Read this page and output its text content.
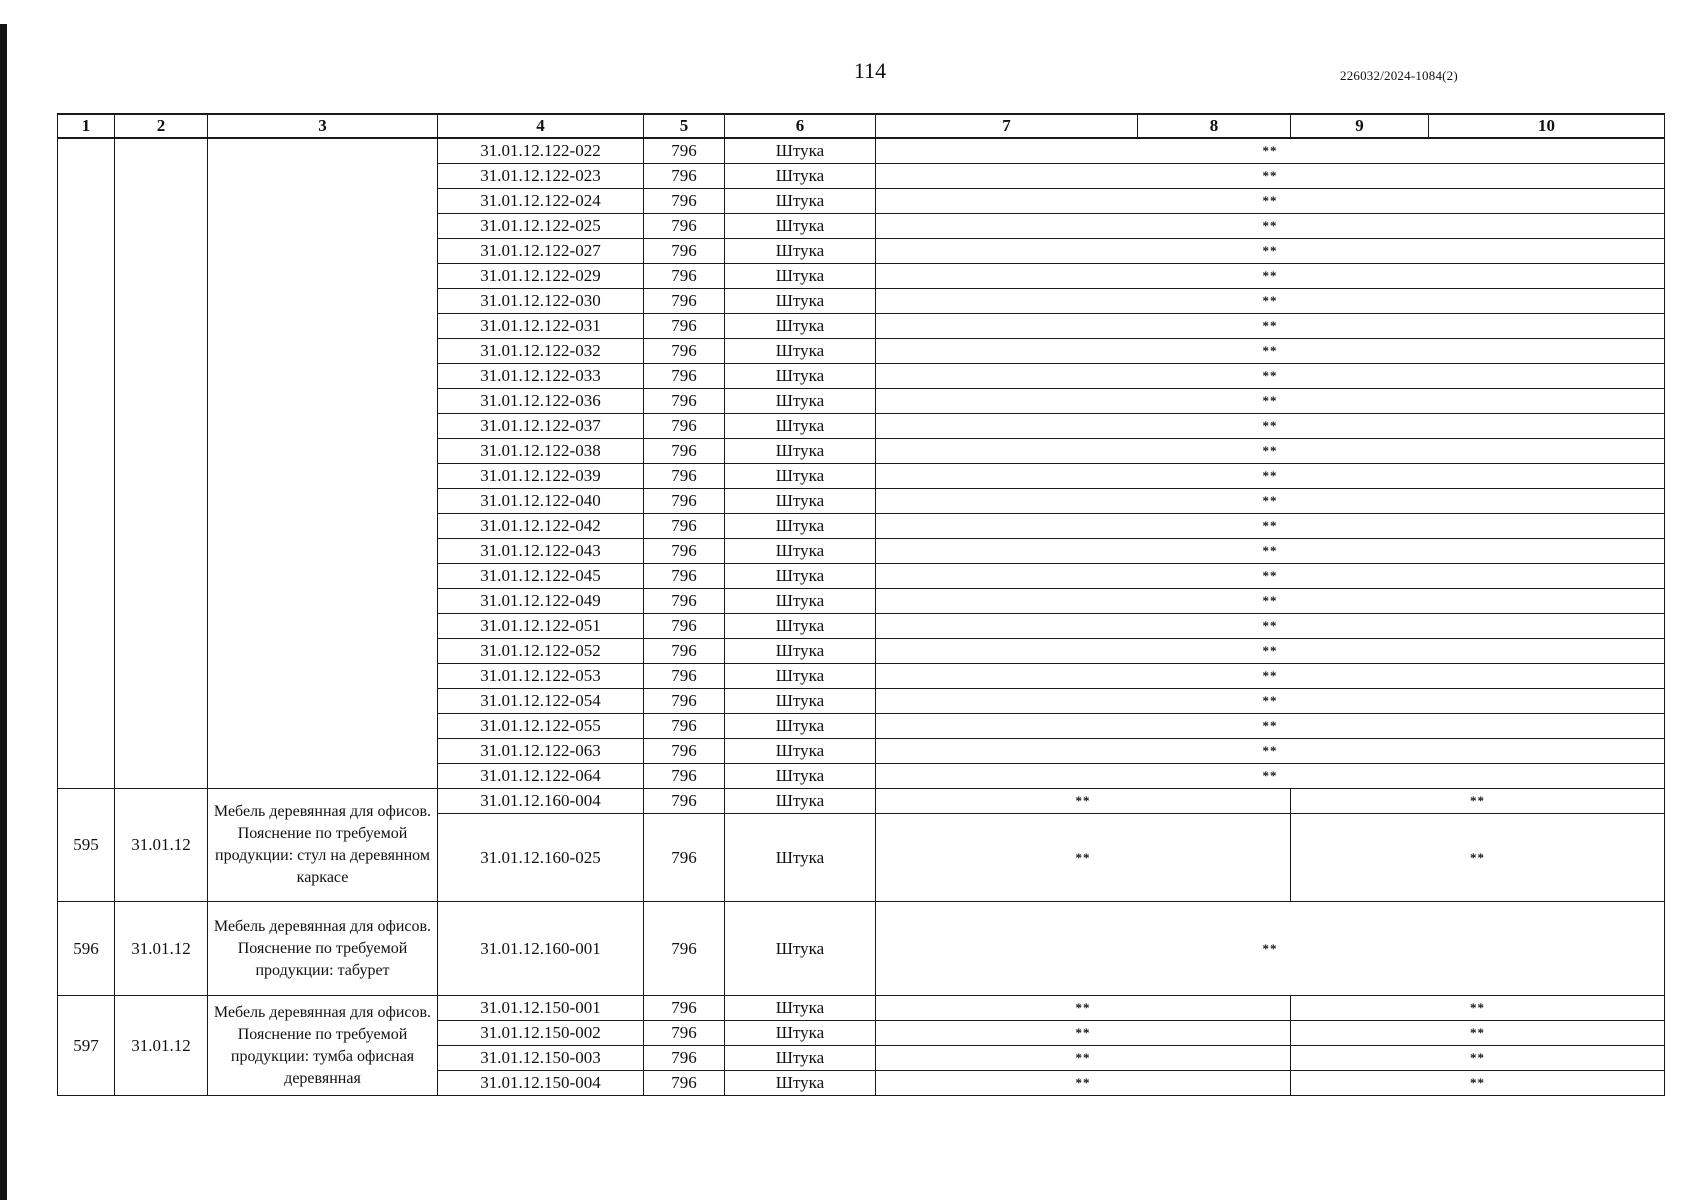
114	226032/2024-1084(2)
1	2	3	4	5	6	7	8	9	10
			31.01.12.122-022	796	Штука	**			
			31.01.12.122-023	796	Штука	**			
			31.01.12.122-024	796	Штука	**			
			31.01.12.122-025	796	Штука	**			
			31.01.12.122-027	796	Штука	**			
			31.01.12.122-029	796	Штука	**			
			31.01.12.122-030	796	Штука	**			
			31.01.12.122-031	796	Штука	**			
			31.01.12.122-032	796	Штука	**			
			31.01.12.122-033	796	Штука	**			
			31.01.12.122-036	796	Штука	**			
			31.01.12.122-037	796	Штука	**			
			31.01.12.122-038	796	Штука	**			
			31.01.12.122-039	796	Штука	**			
			31.01.12.122-040	796	Штука	**			
			31.01.12.122-042	796	Штука	**			
			31.01.12.122-043	796	Штука	**			
			31.01.12.122-045	796	Штука	**			
			31.01.12.122-049	796	Штука	**			
			31.01.12.122-051	796	Штука	**			
			31.01.12.122-052	796	Штука	**			
			31.01.12.122-053	796	Штука	**			
			31.01.12.122-054	796	Штука	**			
			31.01.12.122-055	796	Штука	**			
			31.01.12.122-063	796	Штука	**			
			31.01.12.122-064	796	Штука	**			
595	31.01.12	Мебель деревянная для офисов. Пояснение по требуемой продукции: стул на деревянном каркасе	31.01.12.160-004	796	Штука	**		**	
			31.01.12.160-025	796	Штука	**		**	
596	31.01.12	Мебель деревянная для офисов. Пояснение по требуемой продукции: табурет	31.01.12.160-001	796	Штука	**			
597	31.01.12	Мебель деревянная для офисов. Пояснение по требуемой продукции: тумба офисная деревянная	31.01.12.150-001	796	Штука	**		**	
			31.01.12.150-002	796	Штука	**		**	
			31.01.12.150-003	796	Штука	**		**	
			31.01.12.150-004	796	Штука	**		**	
